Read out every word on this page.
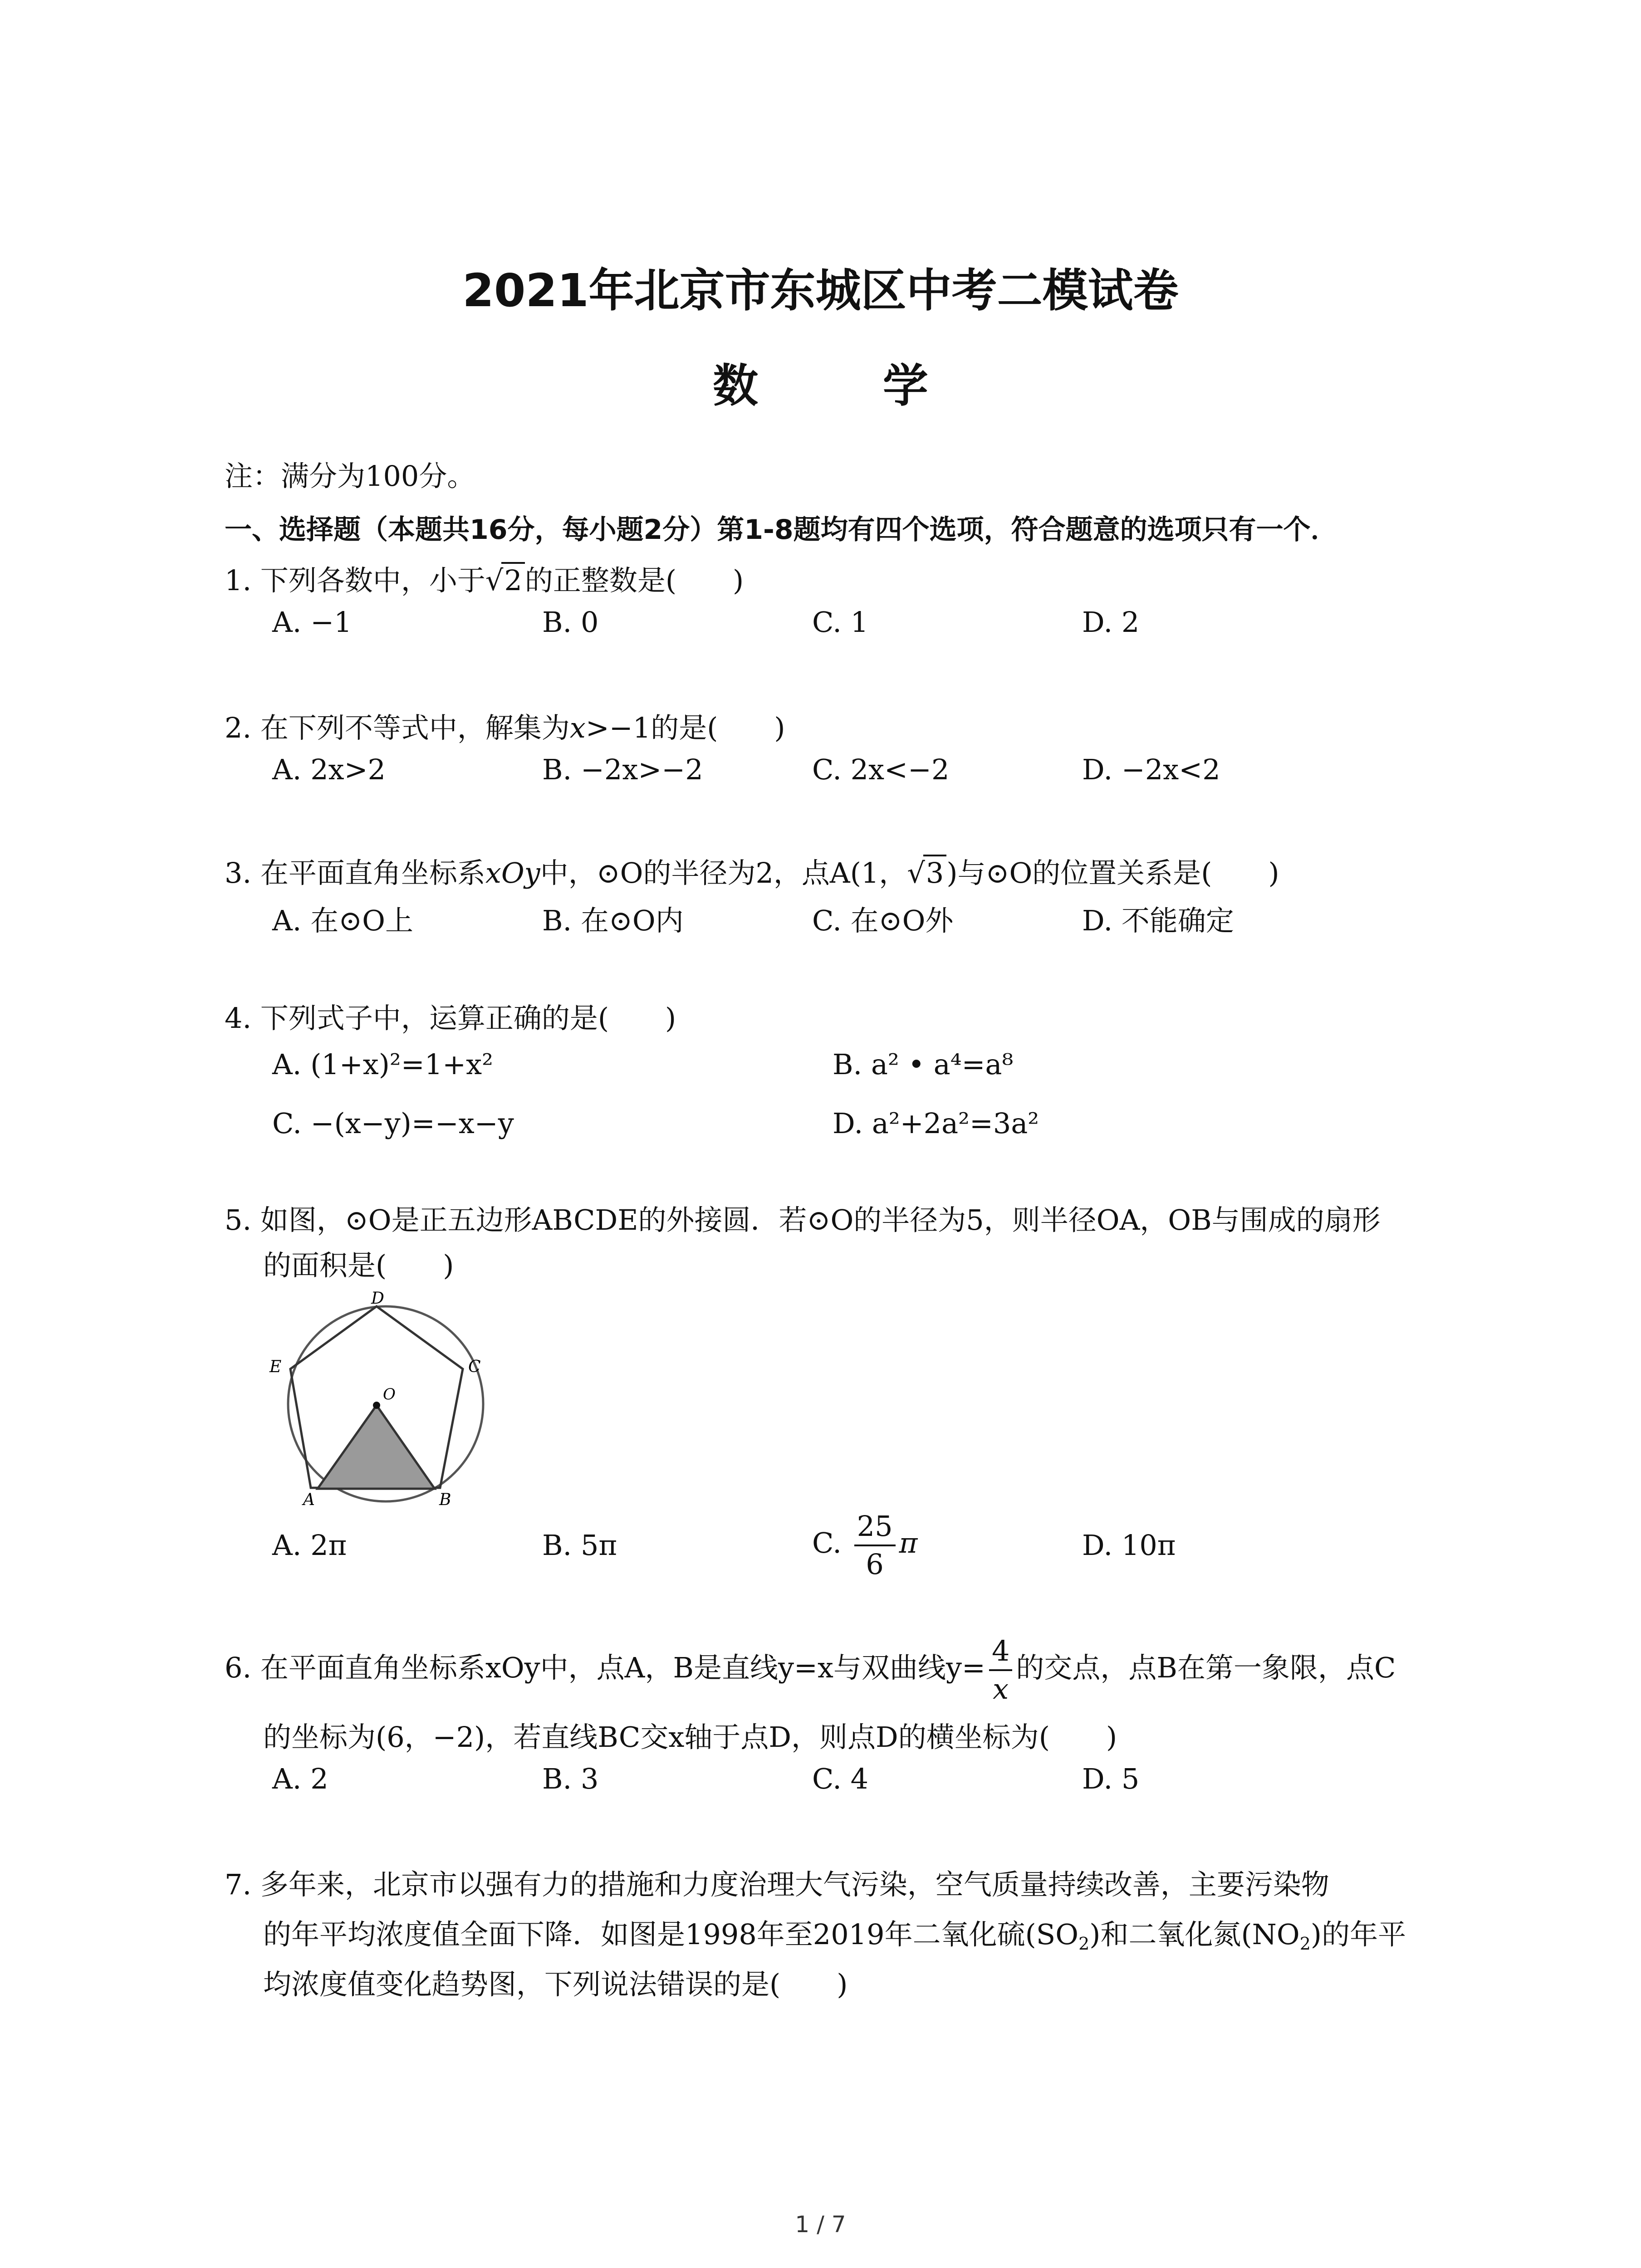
2021年北京市东城区中考二模试卷
数 学
注：满分为100分。
一、选择题（本题共16分，每小题2分）第1-8题均有四个选项，符合题意的选项只有一个．
1. 下列各数中，小于√2的正整数是(　　)
A. −1	B. 0	C. 1	D. 2
2. 在下列不等式中，解集为x>−1的是(　　)
A. 2x>2	B. −2x>−2	C. 2x<−2	D. −2x<2
3. 在平面直角坐标系xOy中，⊙O的半径为2，点A(1，√3)与⊙O的位置关系是(　　)
A. 在⊙O上	B. 在⊙O内	C. 在⊙O外	D. 不能确定
4. 下列式子中，运算正确的是(　　)
A. (1+x)²=1+x²	B. a² • a⁴=a⁸
C. −(x−y)=−x−y	D. a²+2a²=3a²
5. 如图，⊙O是正五边形ABCDE的外接圆．若⊙O的半径为5，则半径OA，OB与围成的扇形
的面积是(　　)
D
E	C
O
A	B
A. 2π	B. 5π	C. $\frac{25}{6}$ π	D. 10π
6. 在平面直角坐标系xOy中，点A，B是直线y=x与双曲线$y= \frac{4}{x}$ 的交点，点B在第一象限，点C
的坐标为(6，−2)，若直线BC交x轴于点D，则点D的横坐标为(　　)
A. 2	B. 3	C. 4	D. 5
7. 多年来，北京市以强有力的措施和力度治理大气污染，空气质量持续改善，主要污染物
的年平均浓度值全面下降．如图是1998年至2019年二氧化硫$(SO_2)$和二氧化氮$(NO_2)$的年平
均浓度值变化趋势图，下列说法错误的是(　　)
1 / 7
